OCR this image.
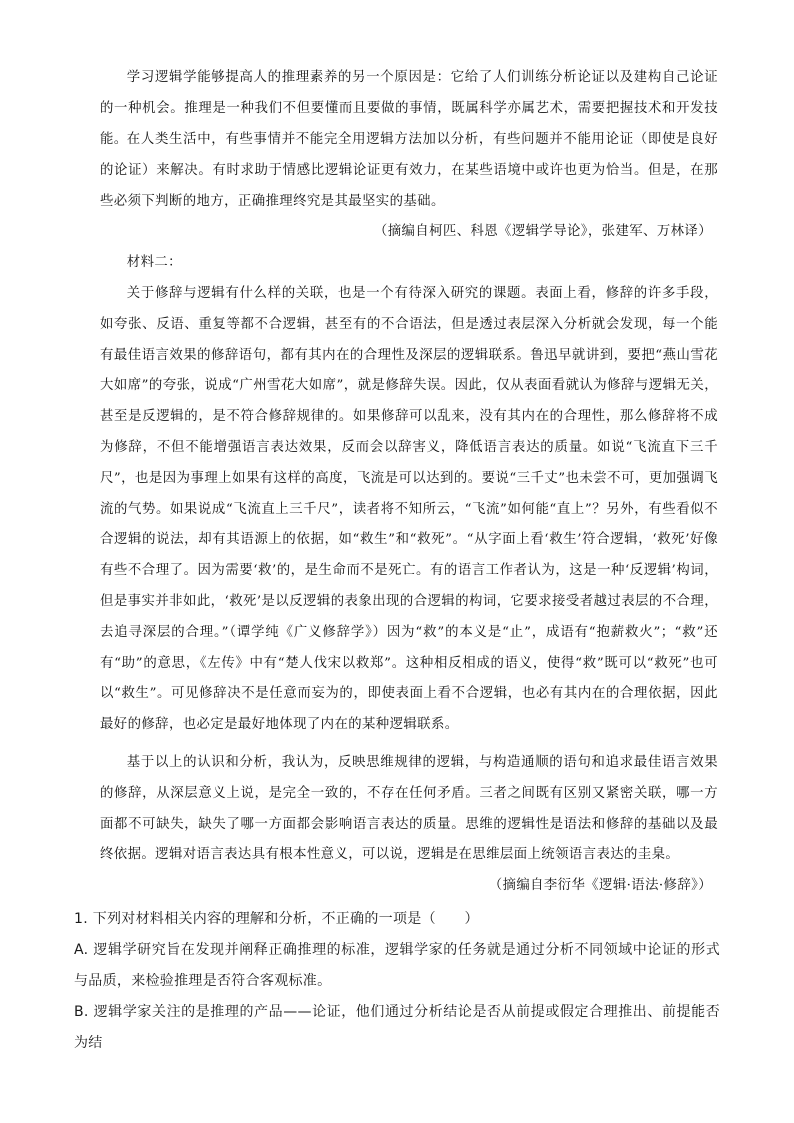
学习逻辑学能够提高人的推理素养的另一个原因是：它给了人们训练分析论证以及建构自己论证的一种机会。推理是一种我们不但要懂而且要做的事情，既属科学亦属艺术，需要把握技术和开发技能。 在人类生活中，有些事情并不能完全用逻辑方法加以分析，有些问题并不能用论证（即使是良好的论证）来解决。有时求助于情感比逻辑论证更有效力，在某些语境中或许也更为恰当。但是，在那些必须下判断的地方，正确推理终究是其最坚实的基础。

（摘编自柯匹、科恩《逻辑学导论》，张建军、万林译）

材料二：

关于修辞与逻辑有什么样的关联，也是一个有待深入研究的课题。表面上看，修辞的许多手段，如夸张、反语、重复等都不合逻辑，甚至有的不合语法，但是透过表层深入分析就会发现，每一个能有最佳语言效果的修辞语句，都有其内在的合理性及深层的逻辑联系。鲁迅早就讲到，要把“燕山雪花大如席”的夸张，说成“广州雪花大如席”，就是修辞失误。因此，仅从表面看就认为修辞与逻辑无关，甚至是反逻辑的，是不符合修辞规律的。如果修辞可以乱来，没有其内在的合理性，那么修辞将不成为修辞，不但不能增强语言表达效果，反而会以辞害义，降低语言表达的质量。如说“飞流直下三千尺”，也是因为事理上如果有这样的高度，飞流是可以达到的。要说“三千丈”也未尝不可，更加强调飞流的气势。如果说成“飞流直上三千尺”，读者将不知所云，“飞流”如何能“直上”？另外，有些看似不合逻辑的说法，却有其语源上的依据，如“救生”和“救死”。“从字面上看‘救生’符合逻辑，‘救死’好像有些不合理了。因为需要‘救’的，是生命而不是死亡。有的语言工作者认为，这是一种‘反逻辑’构词，但是事实并非如此，‘救死’是以反逻辑的表象出现的合逻辑的构词，它要求接受者越过表层的不合理，去追寻深层的合理。”（谭学纯《广义修辞学》）因为“救”的本义是“止”，成语有“抱薪救火”；“救”还有“助”的意思，《左传》中有“楚人伐宋以救郑”。这种相反相成的语义，使得“救”既可以“救死”也可以“救生”。可见修辞决不是任意而妄为的，即使表面上看不合逻辑，也必有其内在的合理依据，因此最好的修辞，也必定是最好地体现了内在的某种逻辑联系。

基于以上的认识和分析，我认为，反映思维规律的逻辑，与构造通顺的语句和追求最佳语言效果的修辞，从深层意义上说，是完全一致的，不存在任何矛盾。三者之间既有区别又紧密关联，哪一方面都不可缺失，缺失了哪一方面都会影响语言表达的质量。思维的逻辑性是语法和修辞的基础以及最终依据。逻辑对语言表达具有根本性意义，可以说，逻辑是在思维层面上统领语言表达的圭臬。

（摘编自李衍华《逻辑·语法·修辞》）

1. 下列对材料相关内容的理解和分析，不正确的一项是（　　）

A. 逻辑学研究旨在发现并阐释正确推理的标准，逻辑学家的任务就是通过分析不同领域中论证的形式与品质，来检验推理是否符合客观标准。

B. 逻辑学家关注的是推理的产品——论证，他们通过分析结论是否从前提或假定合理推出、前提能否为结
